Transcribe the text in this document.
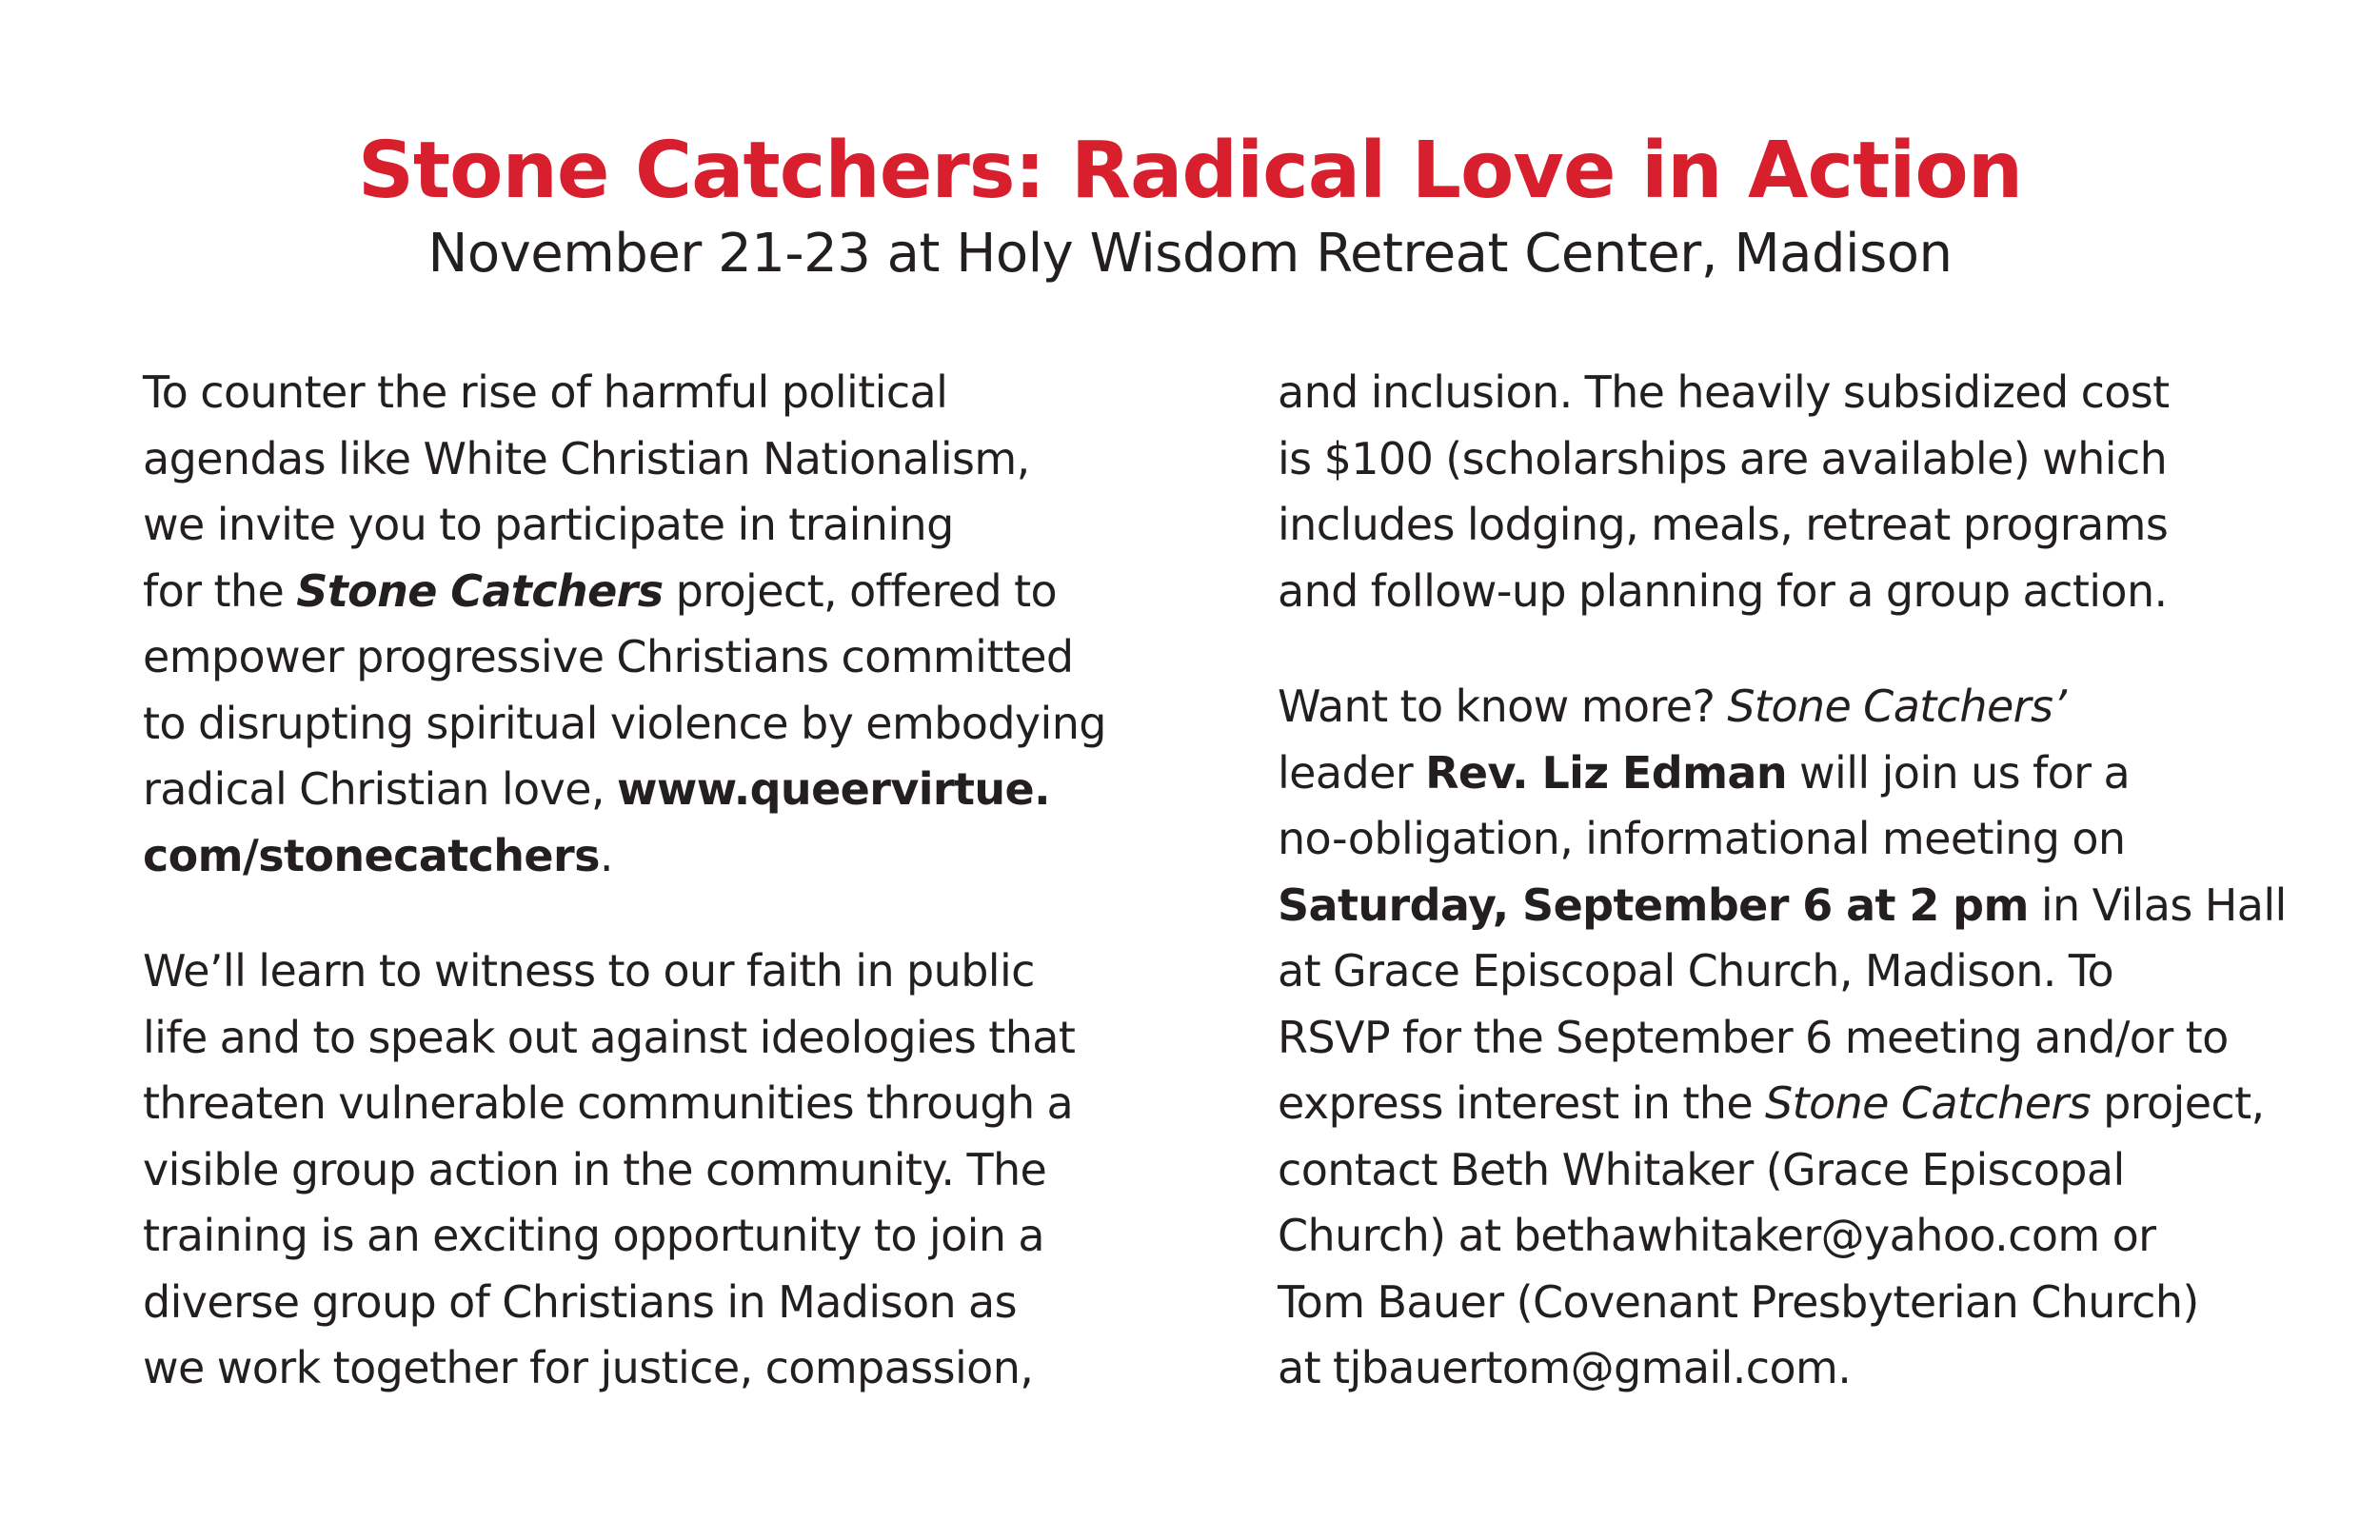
Stone Catchers: Radical Love in Action
November 21-23 at Holy Wisdom Retreat Center, Madison

To counter the rise of harmful political
agendas like White Christian Nationalism,
we invite you to participate in training
for the Stone Catchers project, offered to
empower progressive Christians committed
to disrupting spiritual violence by embodying
radical Christian love, www.queervirtue.
com/stonecatchers.

We’ll learn to witness to our faith in public
life and to speak out against ideologies that
threaten vulnerable communities through a
visible group action in the community. The
training is an exciting opportunity to join a
diverse group of Christians in Madison as
we work together for justice, compassion,

and inclusion. The heavily subsidized cost
is $100 (scholarships are available) which
includes lodging, meals, retreat programs
and follow-up planning for a group action.

Want to know more? Stone Catchers’
leader Rev. Liz Edman will join us for a
no-obligation, informational meeting on
Saturday, September 6 at 2 pm in Vilas Hall
at Grace Episcopal Church, Madison. To
RSVP for the September 6 meeting and/or to
express interest in the Stone Catchers project,
contact Beth Whitaker (Grace Episcopal
Church) at bethawhitaker@yahoo.com or
Tom Bauer (Covenant Presbyterian Church)
at tjbauertom@gmail.com.
